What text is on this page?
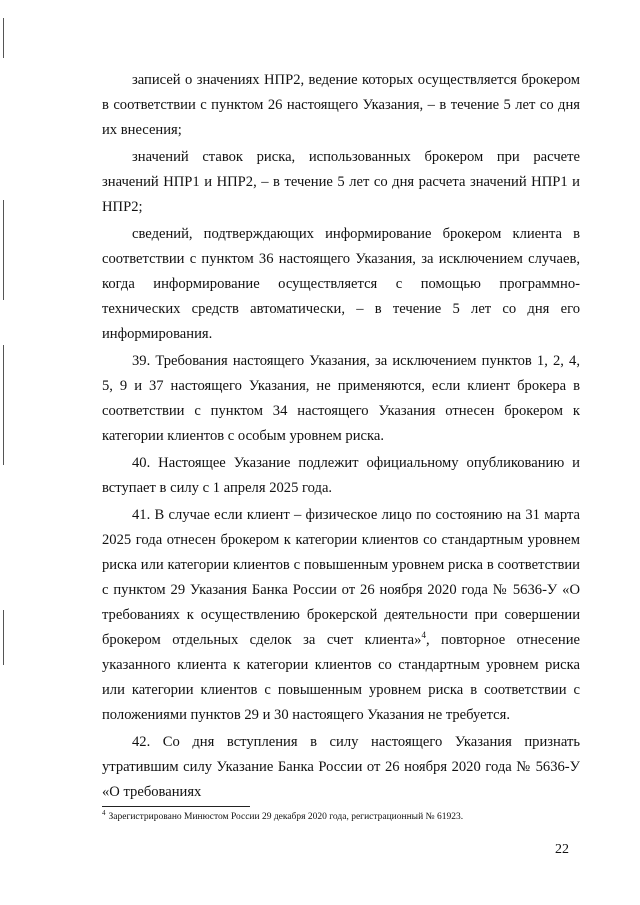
записей о значениях НПР2, ведение которых осуществляется брокером в соответствии с пунктом 26 настоящего Указания, – в течение 5 лет со дня их внесения;

значений ставок риска, использованных брокером при расчете значений НПР1 и НПР2, – в течение 5 лет со дня расчета значений НПР1 и НПР2;

сведений, подтверждающих информирование брокером клиента в соответствии с пунктом 36 настоящего Указания, за исключением случаев, когда информирование осуществляется с помощью программно-технических средств автоматически, – в течение 5 лет со дня его информирования.

39. Требования настоящего Указания, за исключением пунктов 1, 2, 4, 5, 9 и 37 настоящего Указания, не применяются, если клиент брокера в соответствии с пунктом 34 настоящего Указания отнесен брокером к категории клиентов с особым уровнем риска.

40. Настоящее Указание подлежит официальному опубликованию и вступает в силу с 1 апреля 2025 года.

41. В случае если клиент – физическое лицо по состоянию на 31 марта 2025 года отнесен брокером к категории клиентов со стандартным уровнем риска или категории клиентов с повышенным уровнем риска в соответствии с пунктом 29 Указания Банка России от 26 ноября 2020 года № 5636-У «О требованиях к осуществлению брокерской деятельности при совершении брокером отдельных сделок за счет клиента»$^4$, повторное отнесение указанного клиента к категории клиентов со стандартным уровнем риска или категории клиентов с повышенным уровнем риска в соответствии с положениями пунктов 29 и 30 настоящего Указания не требуется.

42. Со дня вступления в силу настоящего Указания признать утратившим силу Указание Банка России от 26 ноября 2020 года № 5636-У «О требованиях

$^4$ Зарегистрировано Минюстом России 29 декабря 2020 года, регистрационный № 61923.
22
